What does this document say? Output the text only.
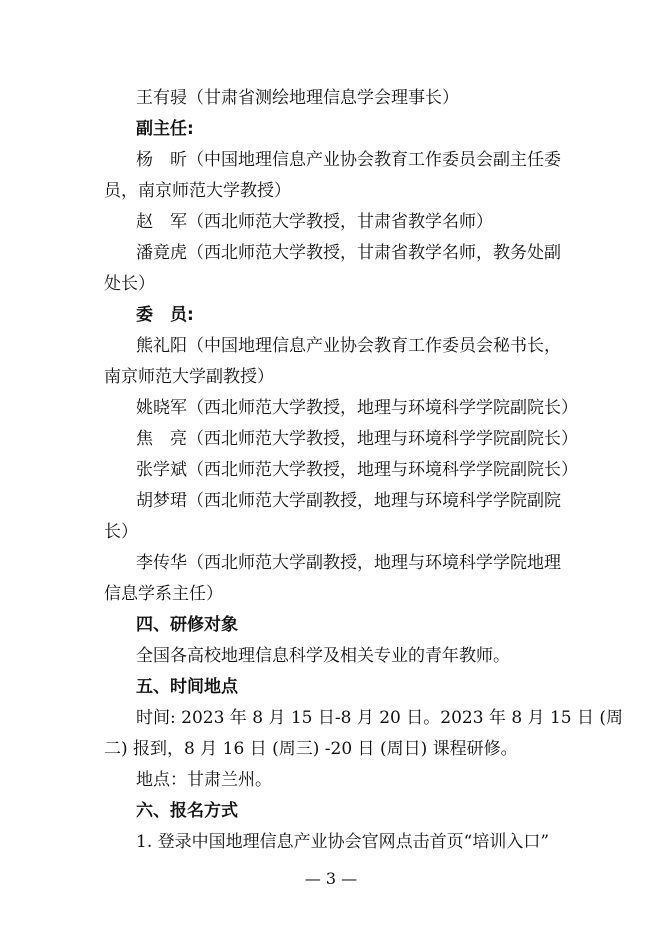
王有骎（甘肃省测绘地理信息学会理事长）
副主任:
杨　昕（中国地理信息产业协会教育工作委员会副主任委
员，南京师范大学教授）
赵　军（西北师范大学教授，甘肃省教学名师）
潘竟虎（西北师范大学教授，甘肃省教学名师，教务处副
处长）
委　员:
熊礼阳（中国地理信息产业协会教育工作委员会秘书长，
南京师范大学副教授）
姚晓军（西北师范大学教授，地理与环境科学学院副院长）
焦　亮（西北师范大学教授，地理与环境科学学院副院长）
张学斌（西北师范大学教授，地理与环境科学学院副院长）
胡梦珺（西北师范大学副教授，地理与环境科学学院副院
长）
李传华（西北师范大学副教授，地理与环境科学学院地理
信息学系主任）
四、研修对象
全国各高校地理信息科学及相关专业的青年教师。
五、时间地点
时间: 2023 年 8 月 15 日-8 月 20 日。2023 年 8 月 15 日 (周
二) 报到，8 月 16 日 (周三) -20 日 (周日) 课程研修。
地点：甘肃兰州。
六、报名方式
1. 登录中国地理信息产业协会官网点击首页“培训入口”
— 3 —
